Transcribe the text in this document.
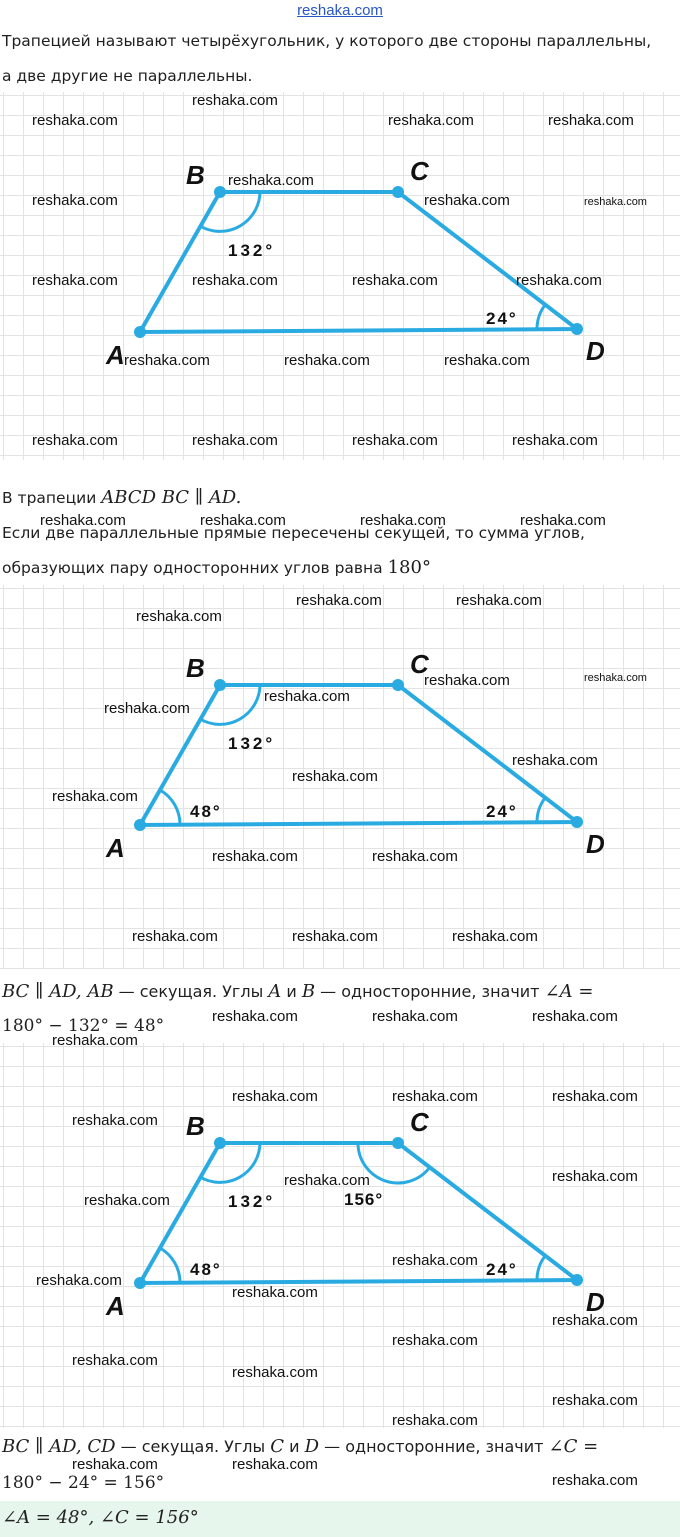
reshaka.com
Трапецией называют четырёхугольник, у которого две стороны параллельны,
а две другие не параллельны.
A
B	C
D
132°
24°
В трапеции ABCD BC ∥ AD.
Если две параллельные прямые пересечены секущей, то сумма углов,
образующих пару односторонних углов равна 180°
A
B	C
D
132°
24°
48°
BC ∥ AD, AB — секущая. Углы A и B — односторонние, значит ∠A =
180° − 132° = 48°
A
B	C
D
132°
24°
48°
156°
BC ∥ AD, CD — секущая. Углы C и D — односторонние, значит ∠C =
180° − 24° = 156°
∠A = 48°, ∠C = 156°
reshaka.com
reshaka.com	reshaka.com	reshaka.com
reshaka.com
reshaka.com	reshaka.com	reshaka.com
reshaka.com	reshaka.com	reshaka.com	reshaka.com
reshaka.com	reshaka.com	reshaka.com
reshaka.com	reshaka.com	reshaka.com	reshaka.com
reshaka.com	reshaka.com	reshaka.com	reshaka.com
reshaka.com	reshaka.com
reshaka.com
reshaka.com	reshaka.com
reshaka.com
reshaka.com
reshaka.com
reshaka.com
reshaka.com
reshaka.com	reshaka.com
reshaka.com	reshaka.com	reshaka.com
reshaka.com	reshaka.com	reshaka.com
reshaka.com
reshaka.com	reshaka.com	reshaka.com
reshaka.com
reshaka.com	reshaka.com
reshaka.com
reshaka.com
reshaka.com
reshaka.com
reshaka.com
reshaka.com
reshaka.com
reshaka.com
reshaka.com
reshaka.com
reshaka.com	reshaka.com
reshaka.com
